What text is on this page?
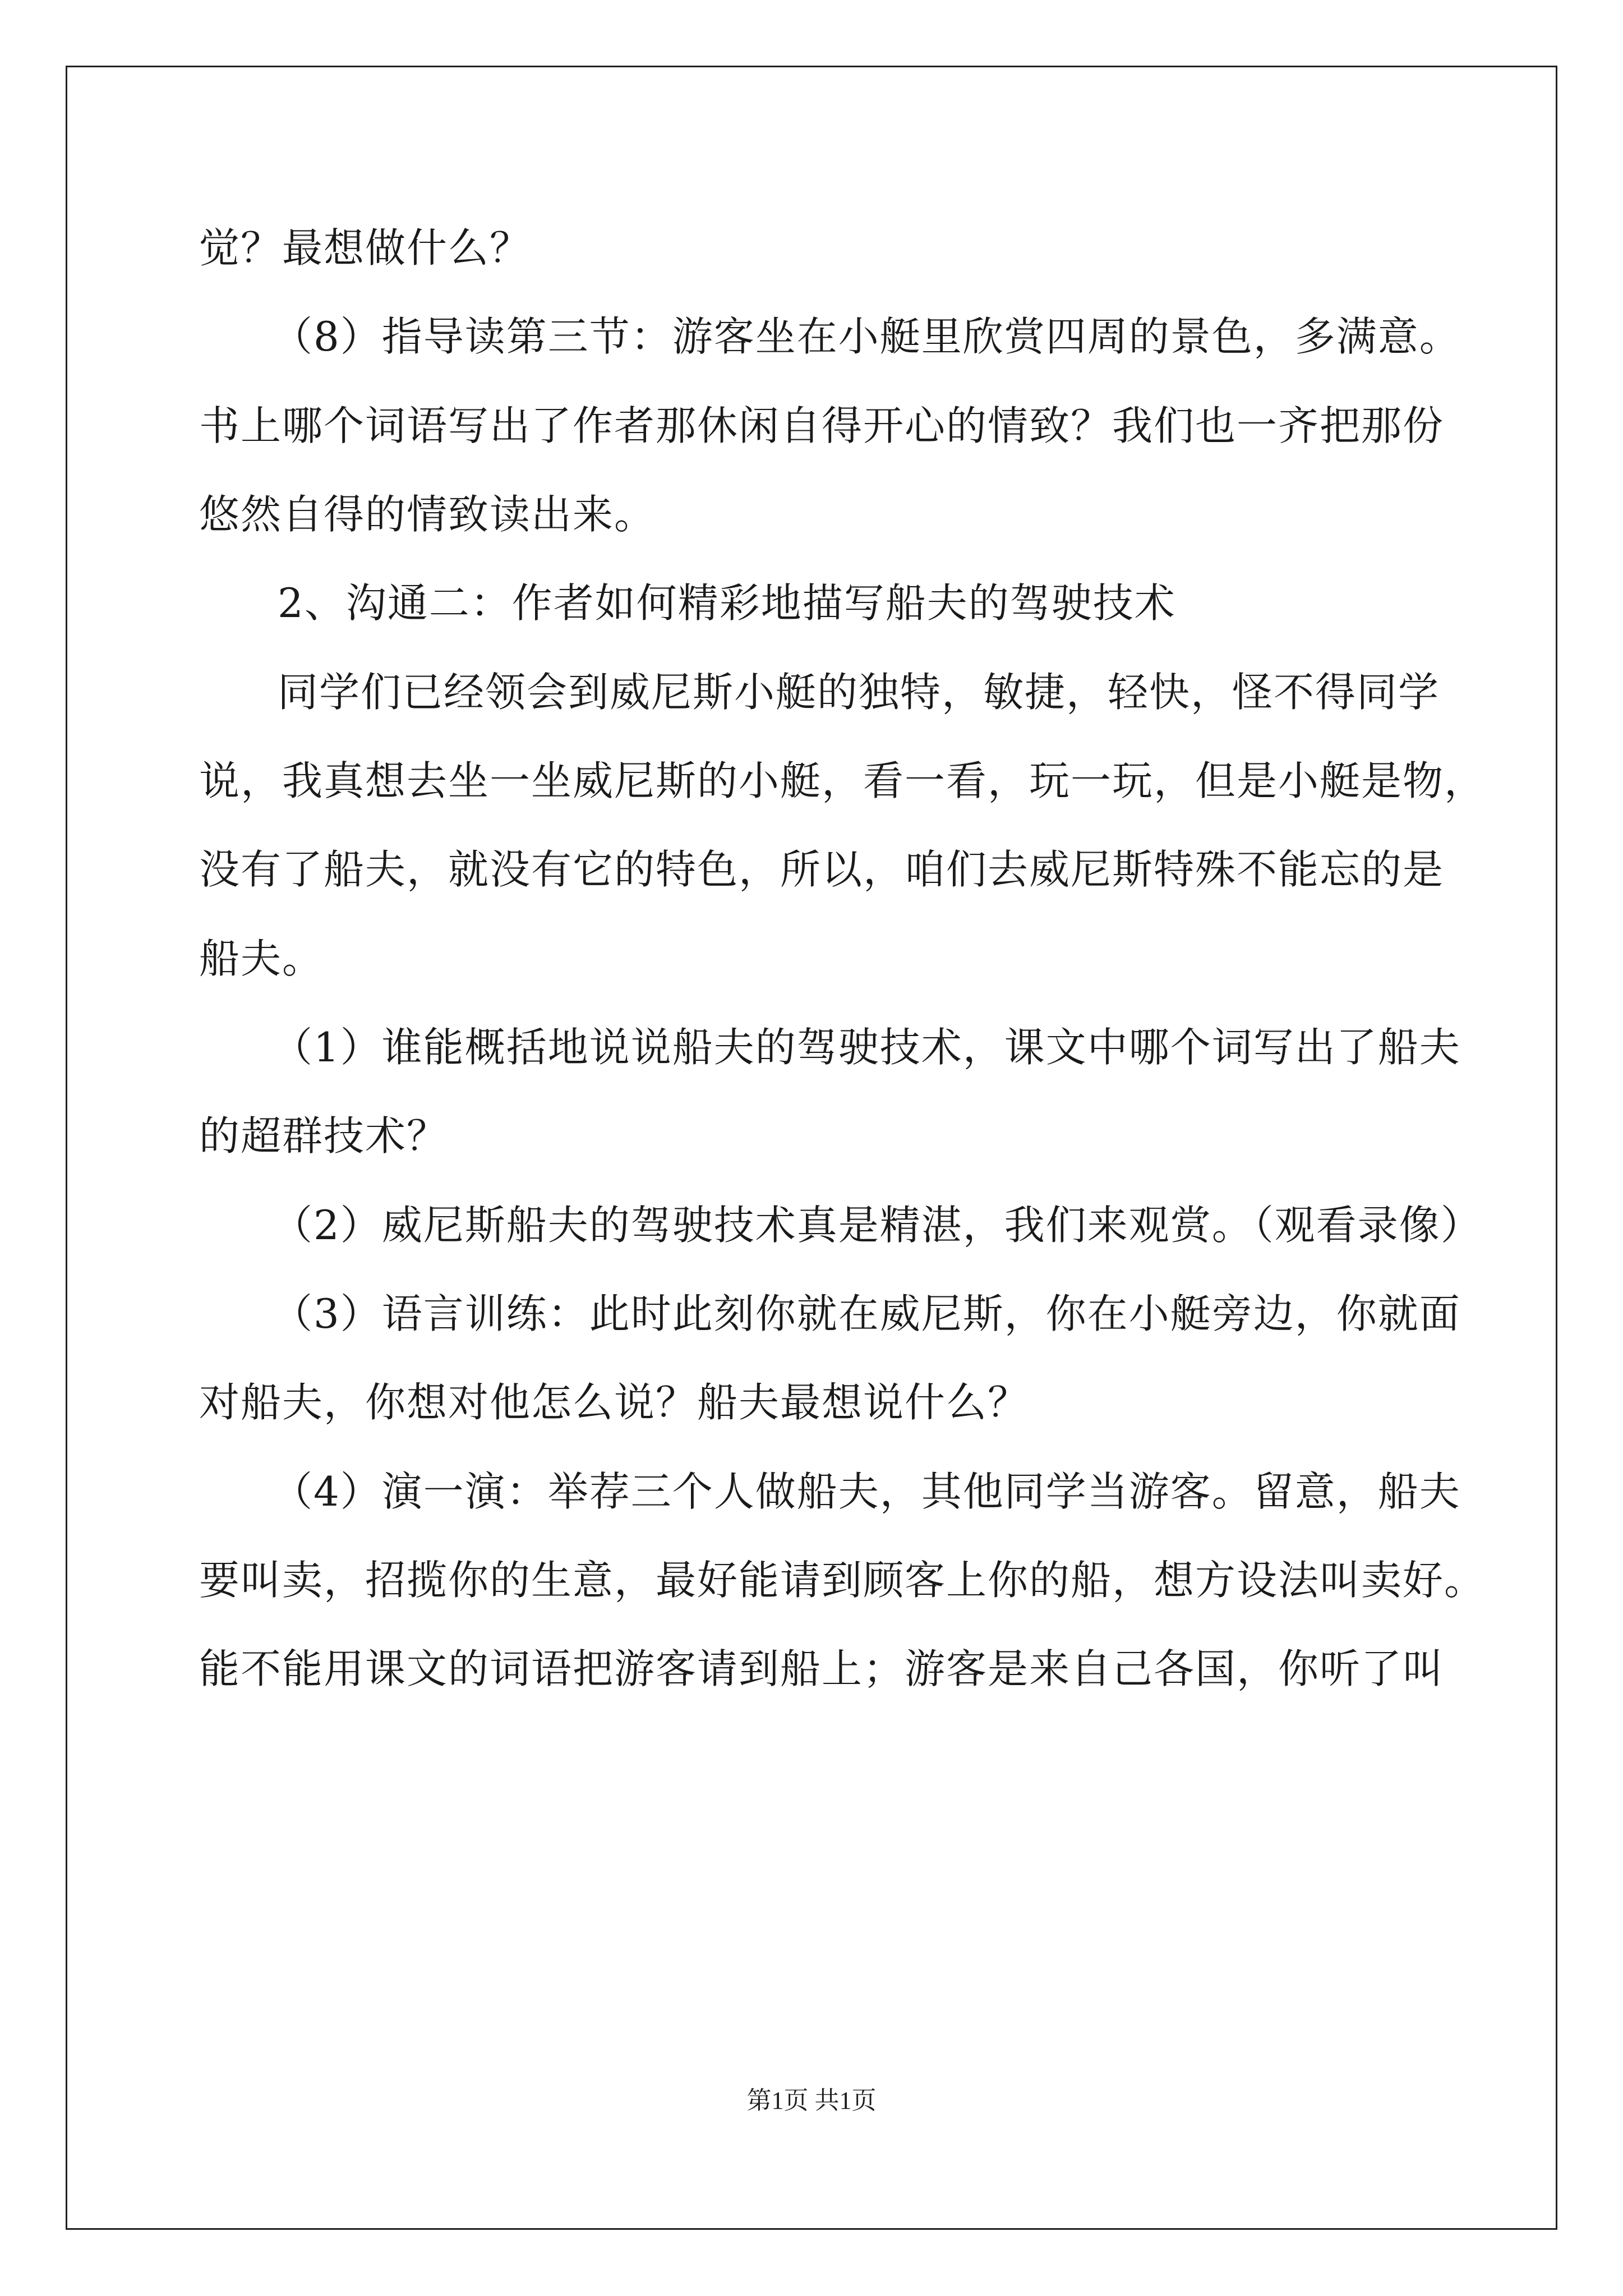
觉？最想做什么？
（8）指导读第三节：游客坐在小艇里欣赏四周的景色，多满意。
书上哪个词语写出了作者那休闲自得开心的情致？我们也一齐把那份
悠然自得的情致读出来。
2、沟通二：作者如何精彩地描写船夫的驾驶技术
同学们已经领会到威尼斯小艇的独特，敏捷，轻快，怪不得同学
说，我真想去坐一坐威尼斯的小艇，看一看，玩一玩，但是小艇是物，
没有了船夫，就没有它的特色，所以，咱们去威尼斯特殊不能忘的是
船夫。
（1）谁能概括地说说船夫的驾驶技术，课文中哪个词写出了船夫
的超群技术？
（2）威尼斯船夫的驾驶技术真是精湛，我们来观赏。（观看录像）
（3）语言训练：此时此刻你就在威尼斯，你在小艇旁边，你就面
对船夫，你想对他怎么说？船夫最想说什么？
（4）演一演：举荐三个人做船夫，其他同学当游客。留意，船夫
要叫卖，招揽你的生意，最好能请到顾客上你的船，想方设法叫卖好。
能不能用课文的词语把游客请到船上；游客是来自己各国，你听了叫
第1页 共1页
